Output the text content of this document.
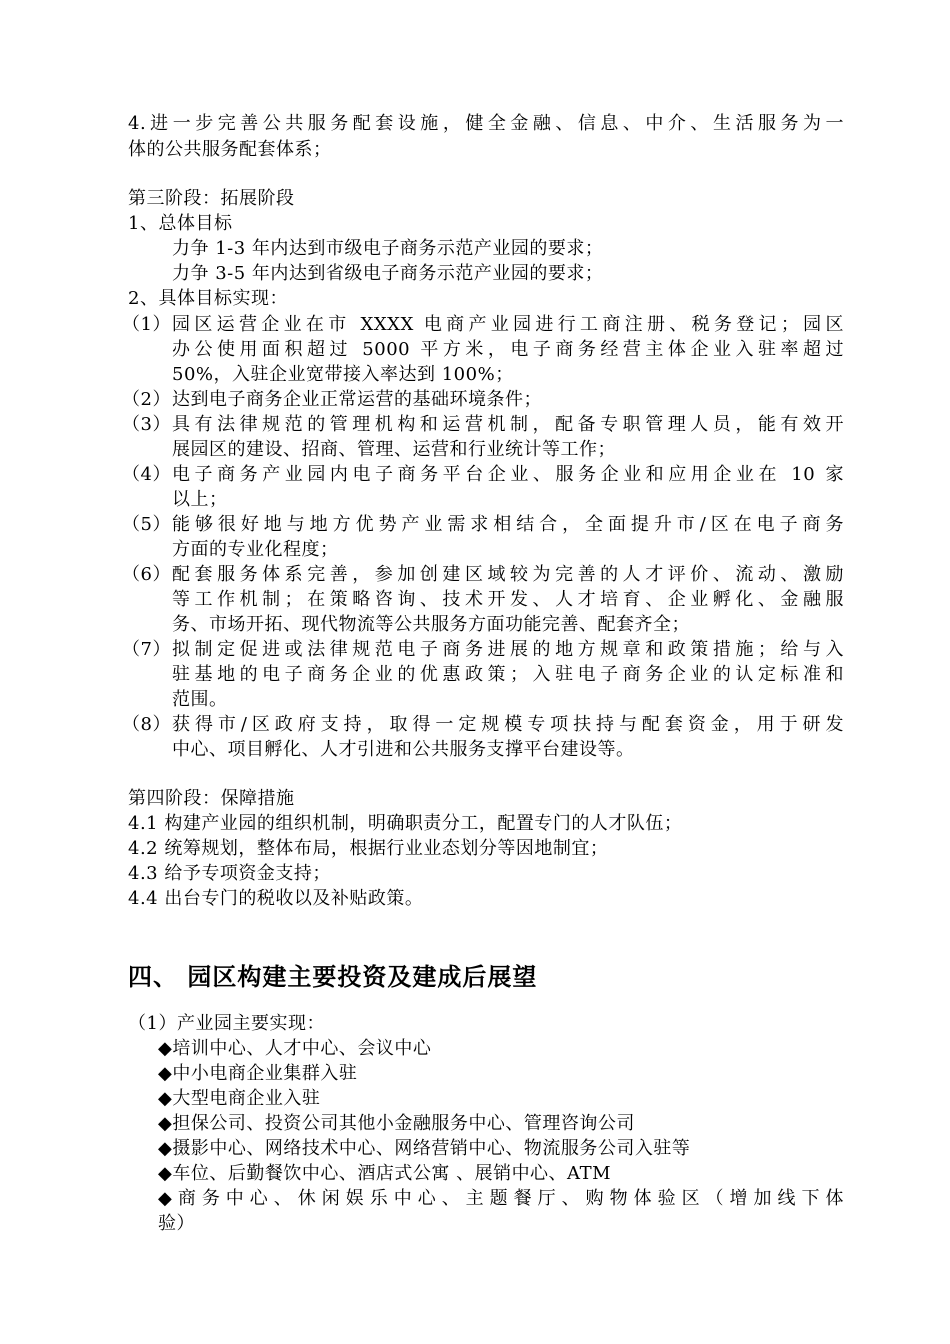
4.进一步完善公共服务配套设施，健全金融、信息、中介、生活服务为一
体的公共服务配套体系；
第三阶段：拓展阶段
1、总体目标
力争 1-3 年内达到市级电子商务示范产业园的要求；
力争 3-5 年内达到省级电子商务示范产业园的要求；
2、具体目标实现：
（1） 园区运营企业在市 XXXX 电商产业园进行工商注册、税务登记；园区
办公使用面积超过 5000 平方米，电子商务经营主体企业入驻率超过
50%，入驻企业宽带接入率达到 100%；
（2） 达到电子商务企业正常运营的基础环境条件；
（3） 具有法律规范的管理机构和运营机制，配备专职管理人员，能有效开
展园区的建设、招商、管理、运营和行业统计等工作；
（4） 电子商务产业园内电子商务平台企业、服务企业和应用企业在 10 家
以上；
（5） 能够很好地与地方优势产业需求相结合，全面提升市/区在电子商务
方面的专业化程度；
（6） 配套服务体系完善，参加创建区域较为完善的人才评价、流动、激励
等工作机制；在策略咨询、技术开发、人才培育、企业孵化、金融服
务、市场开拓、现代物流等公共服务方面功能完善、配套齐全；
（7） 拟制定促进或法律规范电子商务进展的地方规章和政策措施；给与入
驻基地的电子商务企业的优惠政策；入驻电子商务企业的认定标准和
范围。
（8） 获得市/区政府支持，取得一定规模专项扶持与配套资金，用于研发
中心、项目孵化、人才引进和公共服务支撑平台建设等。
第四阶段：保障措施
4.1 构建产业园的组织机制，明确职责分工，配置专门的人才队伍；
4.2 统筹规划，整体布局，根据行业业态划分等因地制宜；
4.3 给予专项资金支持；
4.4 出台专门的税收以及补贴政策。
四、 园区构建主要投资及建成后展望
（1）产业园主要实现：
◆培训中心、人才中心、会议中心
◆中小电商企业集群入驻
◆大型电商企业入驻
◆担保公司、投资公司其他小金融服务中心、管理咨询公司
◆摄影中心、网络技术中心、网络营销中心、物流服务公司入驻等
◆车位、后勤餐饮中心、酒店式公寓 、展销中心、ATM
◆商务中心、休闲娱乐中心、主题餐厅、购物体验区（增加线下体
验）
